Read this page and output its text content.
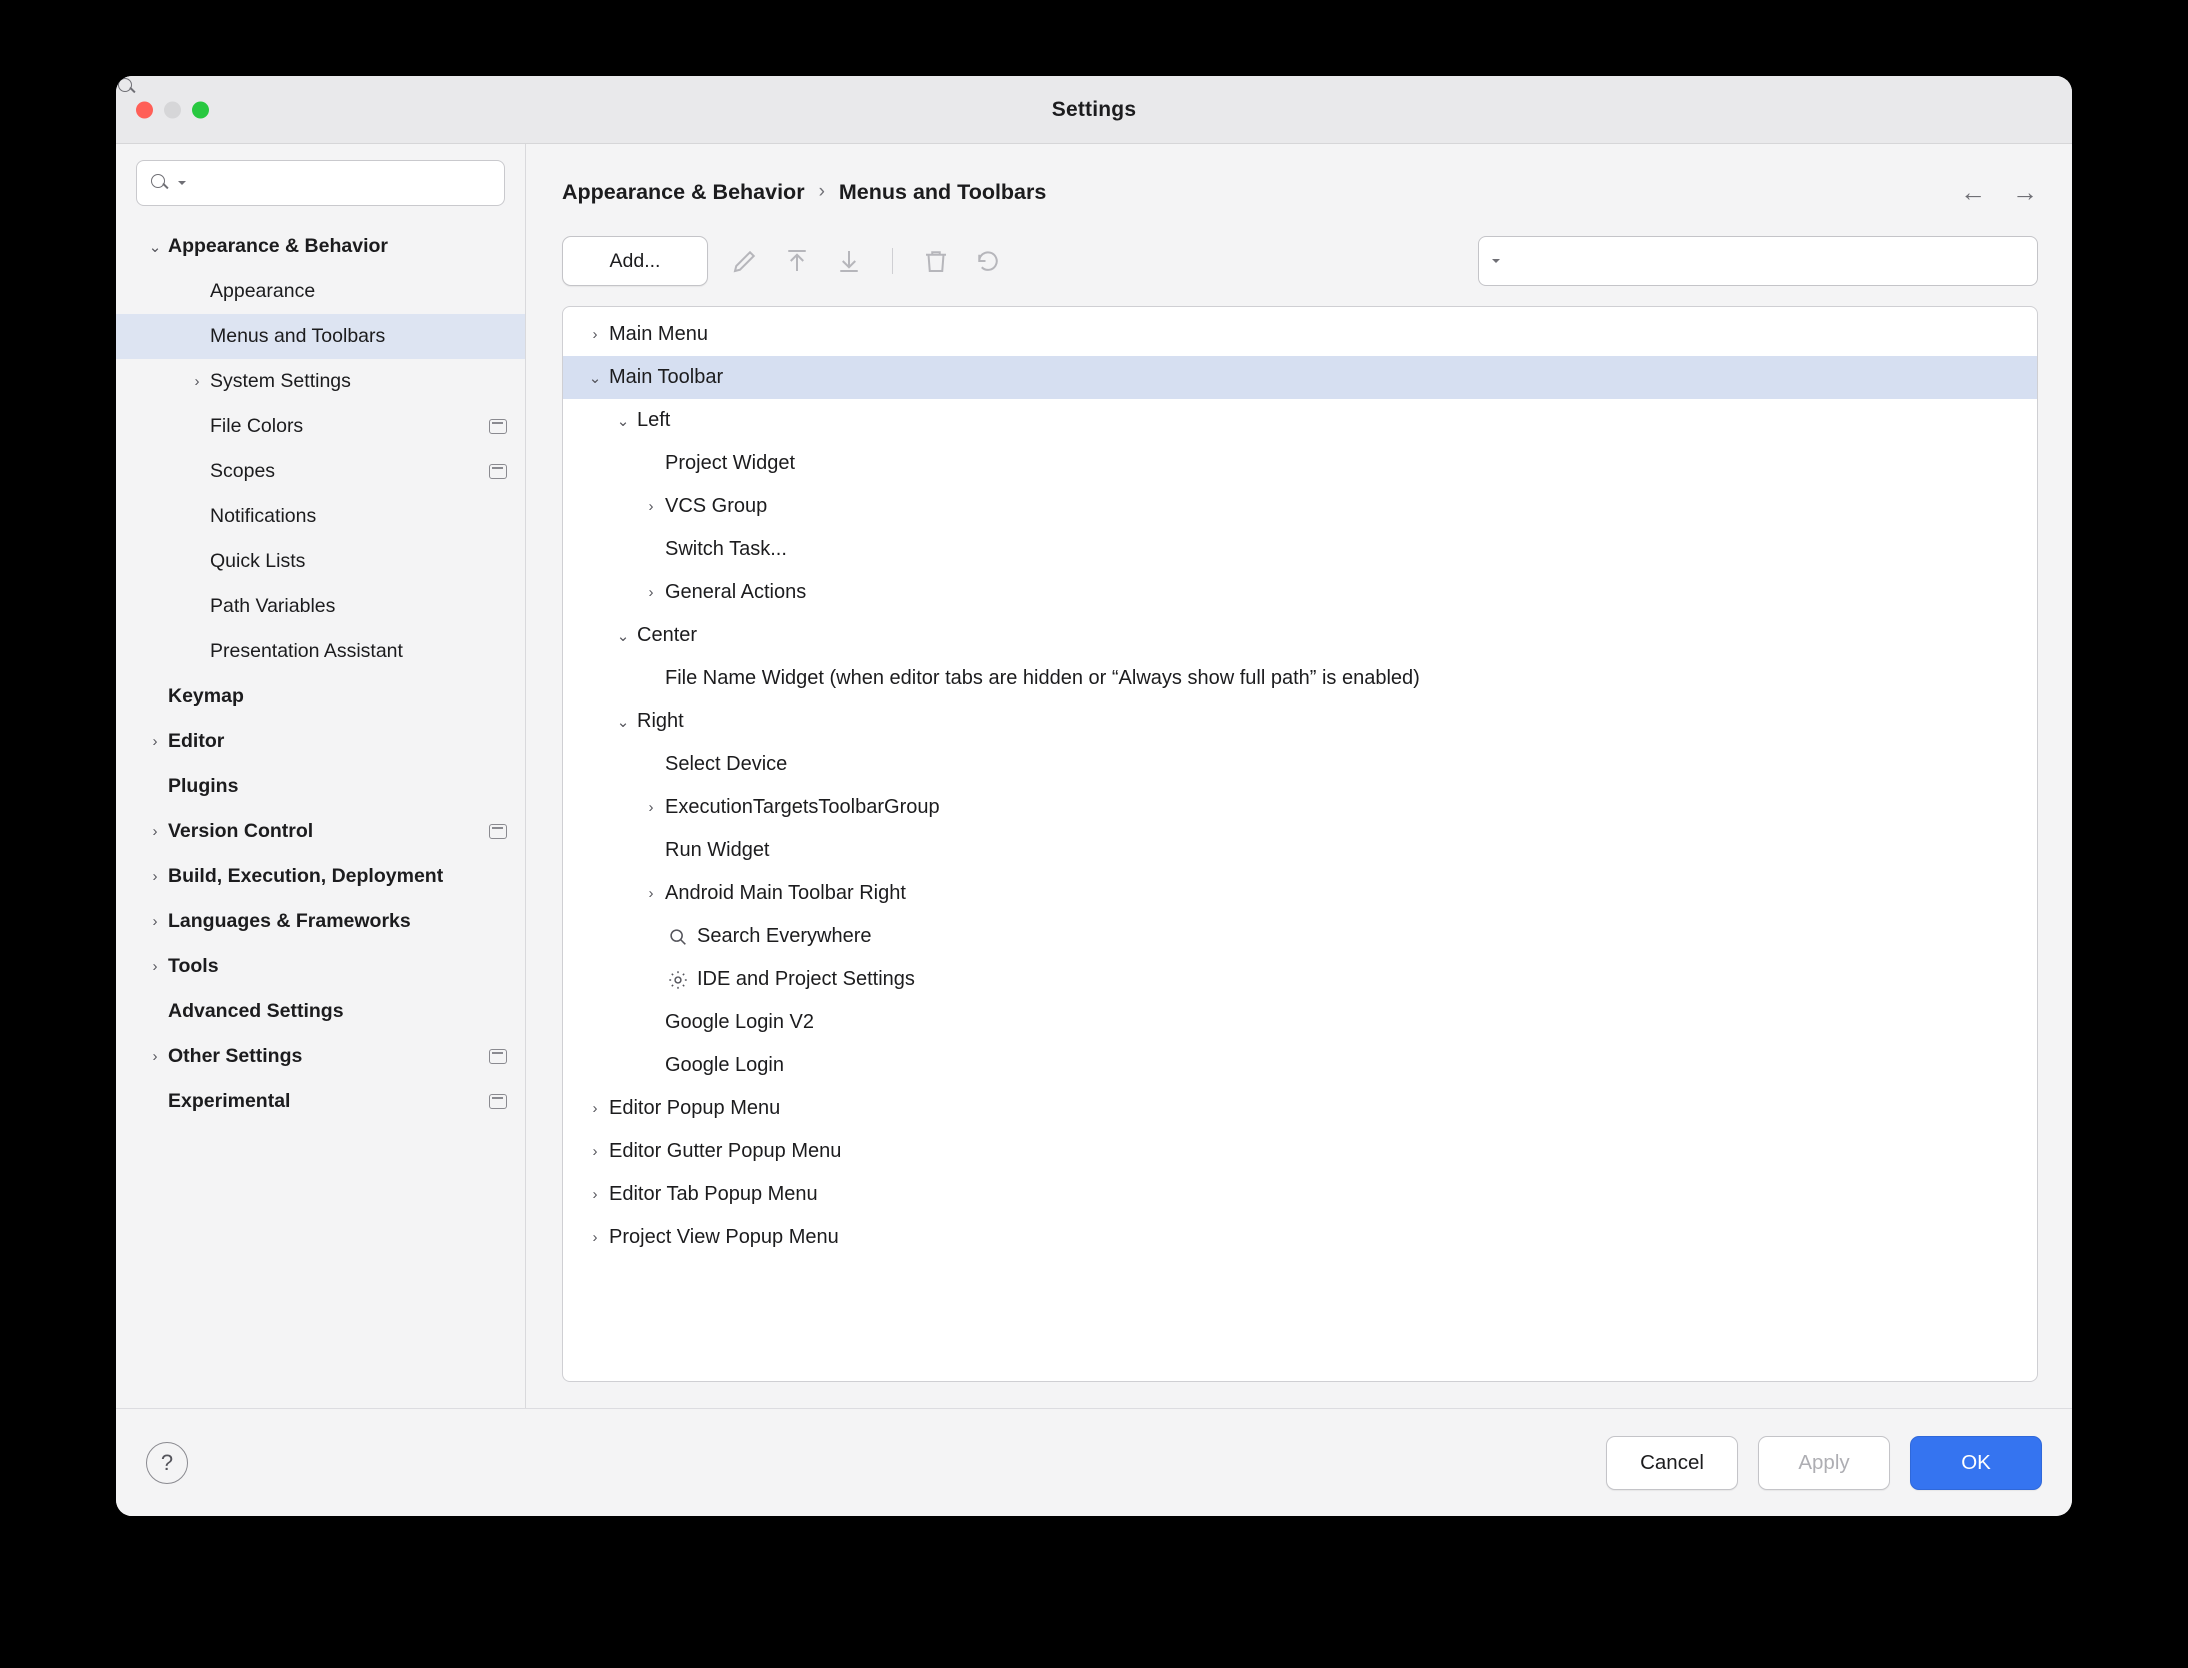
Settings
⌄ Appearance & Behavior
Appearance
Menus and Toolbars
› System Settings
File Colors
Scopes
Notifications
Quick Lists
Path Variables
Presentation Assistant
Keymap
› Editor
Plugins
› Version Control
› Build, Execution, Deployment
› Languages & Frameworks
› Tools
Advanced Settings
› Other Settings
Experimental
Appearance & Behavior › Menus and Toolbars	← →
Add...
› Main Menu
⌄ Main Toolbar
⌄ Left
Project Widget
› VCS Group
Switch Task...
› General Actions
⌄ Center
File Name Widget (when editor tabs are hidden or “Always show full path” is enabled)
⌄ Right
Select Device
› ExecutionTargetsToolbarGroup
Run Widget
› Android Main Toolbar Right
Search Everywhere
IDE and Project Settings
Google Login V2
Google Login
› Editor Popup Menu
› Editor Gutter Popup Menu
› Editor Tab Popup Menu
› Project View Popup Menu
?	Cancel	Apply	OK
